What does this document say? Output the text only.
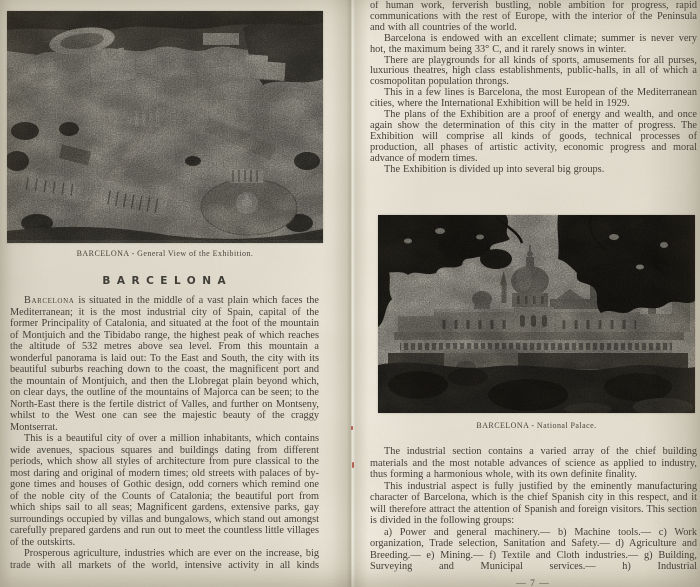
BARCELONA - General View of the Exhibition.
BARCELONA

Barcelona is situated in the middle of a vast plain which faces the Mediterranean; it is the most industrial city of Spain, capital of the former Principality of Catalonia, and situated at the foot of the mountain of Montjuich and the Tibidabo range, the highest peak of which reaches the altitude of 532 metres above sea level. From this mountain a wonderful panorama is laid out: To the East and South, the city with its beautiful suburbs reaching down to the coast, the magnificent port and the mountain of Montjuich, and then the Llobregat plain beyond which, on clear days, the outline of the mountains of Majorca can be seen; to the North-East there is the fertile district of Valles, and further on Montseny, whilst to the West one can see the majestic beauty of the craggy Montserrat.

This is a beautiful city of over a million inhabitants, which contains wide avenues, spacious squares and buildings dating from different periods, which show all styles of architecture from pure classical to the most daring and original of modern times; old streets with palaces of by-gone times and houses of Gothic design, odd corners which remind one of the noble city of the Counts of Catalonia; the beautiful port from which ships sail to all seas; Magnificent gardens, extensive parks, gay surroundings occupied by villas and bungalows, which stand out amongst carefully prepared gardens and run out to meet the countless little villages of the outskirts.

Prosperous agriculture, industries which are ever on the increase, big trade with all markets of the world, intensive activity in all kinds

of human work, ferverish bustling, noble ambition for progress, rapid communications with the rest of Europe, with the interior of the Peninsula and with all countries of the world.

Barcelona is endowed with an excellent climate; summer is never very hot, the maximum being 33° C, and it rarely snows in winter.

There are playgrounds for all kinds of sports, amusements for all purses, luxurious theatres, high class establishments, public-halls, in all of which a cosmopolitan population throngs.

This in a few lines is Barcelona, the most European of the Mediterranean cities, where the International Exhibition will be held in 1929.

The plans of the Exhibition are a proof of energy and wealth, and once again show the determination of this city in the matter of progress. The Exhibition will comprise all kinds of goods, technical processes of production, all phases of artistic activity, economic progress and moral advance of modern times.

The Exhibition is divided up into several big groups.

BARCELONA - National Palace.

The industrial section contains a varied array of the chief building materials and the most notable advances of science as applied to industry, thus forming a harmonious whole, with its own definite finality.

This industrial aspect is fully justified by the eminently manufacturing character of Barcelona, which is the chief Spanish city in this respect, and it will therefore attract the attention of Spanish and foreign visitors. This section is divided in the following groups:

a) Power and general machinery.— b) Machine tools.— c) Work organization, Trade selection, Sanitation and Safety.— d) Agriculture and Breeding.— e) Mining.— f) Textile and Cloth industries.— g) Building, Surveying and Municipal services.— h) Industrial

— 7 —
